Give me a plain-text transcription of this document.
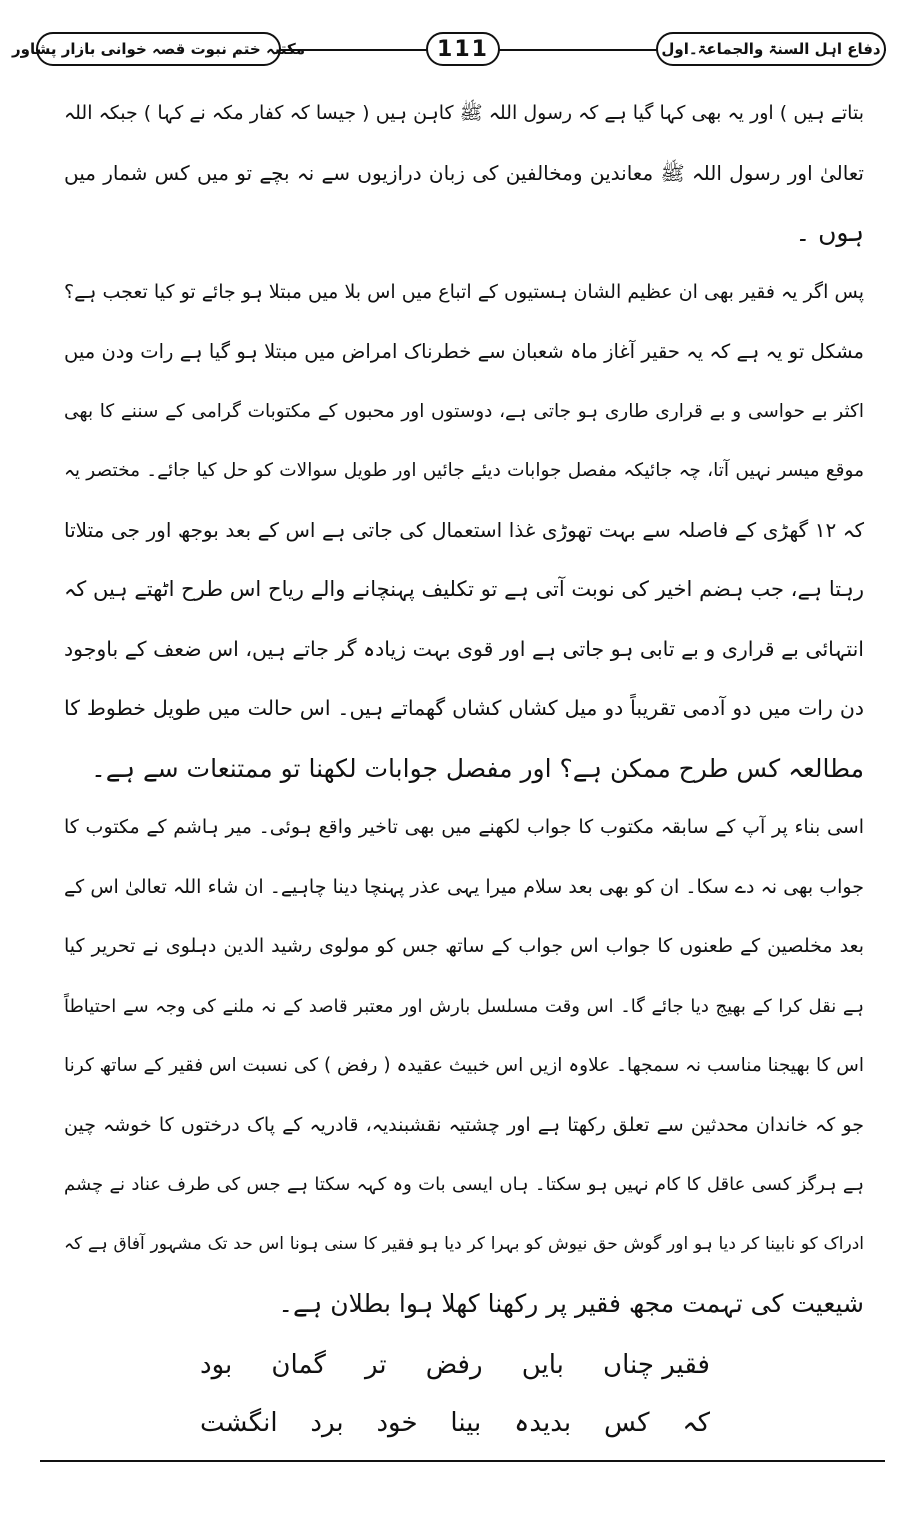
دفاع اہل السنۃ والجماعۃ۔اول
111
مکتبہ ختم نبوت قصہ خوانی بازار پشاور
بتاتے ہیں ) اور یہ بھی کہا گیا ہے کہ رسول اللہ ﷺ کاہن ہیں ( جیسا کہ کفار مکہ نے کہا ) جبکہ اللہ
تعالیٰ اور رسول اللہ ﷺ معاندین ومخالفین کی زبان درازیوں سے نہ بچے تو میں کس شمار میں
ہوں ۔
پس اگر یہ فقیر بھی ان عظیم الشان ہستیوں کے اتباع میں اس بلا میں مبتلا ہو جائے تو کیا تعجب ہے؟
مشکل تو یہ ہے کہ یہ حقیر آغاز ماہ شعبان سے خطرناک امراض میں مبتلا ہو گیا ہے رات ودن میں
اکثر بے حواسی و بے قراری طاری ہو جاتی ہے، دوستوں اور محبوں کے مکتوبات گرامی کے سننے کا بھی
موقع میسر نہیں آتا، چہ جائیکہ مفصل جوابات دیئے جائیں اور طویل سوالات کو حل کیا جائے۔ مختصر یہ
کہ ۱۲ گھڑی کے فاصلہ سے بہت تھوڑی غذا استعمال کی جاتی ہے اس کے بعد بوجھ اور جی متلاتا
رہتا ہے، جب ہضم اخیر کی نوبت آتی ہے تو تکلیف پہنچانے والے ریاح اس طرح اٹھتے ہیں کہ
انتہائی بے قراری و بے تابی ہو جاتی ہے اور قوی بہت زیادہ گر جاتے ہیں، اس ضعف کے باوجود
دن رات میں دو آدمی تقریباً دو میل کشاں کشاں گھماتے ہیں۔ اس حالت میں طویل خطوط کا
مطالعہ کس طرح ممکن ہے؟ اور مفصل جوابات لکھنا تو ممتنعات سے ہے۔
اسی بناء پر آپ کے سابقہ مکتوب کا جواب لکھنے میں بھی تاخیر واقع ہوئی۔ میر ہاشم کے مکتوب کا
جواب بھی نہ دے سکا۔ ان کو بھی بعد سلام میرا یہی عذر پہنچا دینا چاہیے۔ ان شاء اللہ تعالیٰ اس کے
بعد مخلصین کے طعنوں کا جواب اس جواب کے ساتھ جس کو مولوی رشید الدین دہلوی نے تحریر کیا
ہے نقل کرا کے بھیج دیا جائے گا۔ اس وقت مسلسل بارش اور معتبر قاصد کے نہ ملنے کی وجہ سے احتیاطاً
اس کا بھیجنا مناسب نہ سمجھا۔ علاوہ ازیں اس خبیث عقیدہ ( رفض ) کی نسبت اس فقیر کے ساتھ کرنا
جو کہ خاندان محدثین سے تعلق رکھتا ہے اور چشتیہ نقشبندیہ، قادریہ کے پاک درختوں کا خوشہ چین
ہے ہرگز کسی عاقل کا کام نہیں ہو سکتا۔ ہاں ایسی بات وہ کہہ سکتا ہے جس کی طرف عناد نے چشم
ادراک کو نابینا کر دیا ہو اور گوش حق نیوش کو بہرا کر دیا ہو فقیر کا سنی ہونا اس حد تک مشہور آفاق ہے کہ
شیعیت کی تہمت مجھ فقیر پر رکھنا کھلا ہوا بطلان ہے۔
فقیر چناں
بایں
رفض
تر
گمان
بود
کہ
کس
بدیدہ
بینا
خود
برد
انگشت
